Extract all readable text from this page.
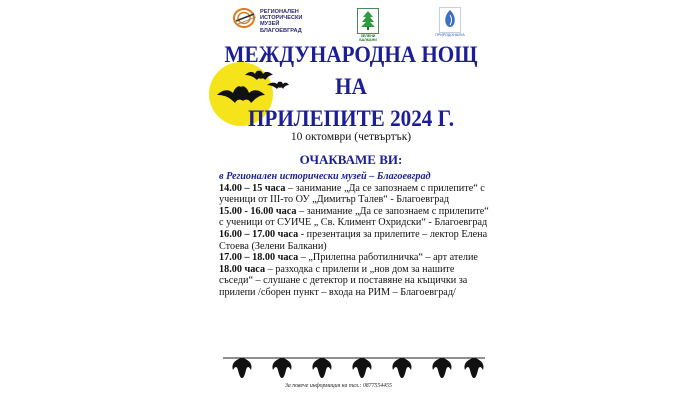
РЕГИОНАЛЕН
ИСТОРИЧЕСКИ
МУЗЕЙ
БЛАГОЕВГРАД
ЗЕЛЕНИ
БАЛКАНИ
ПРИРОДОНАУКА
МЕЖДУНАРОДНА НОЩ
НА
ПРИЛЕПИТЕ 2024 Г.
10 октомври (четвъртък)
ОЧАКВАМЕ ВИ:

в Регионален исторически музей – Благоевград

14.00 – 15 часа – занимание „Да се запознаем с прилепите“ с ученици от III-то ОУ „Димитър Талев“ - Благоевград

15.00 - 16.00 часа – занимание „Да се запознаем с прилепите“ с ученици от СУИЧЕ „ Св. Климент Охридски“ - Благоевград

16.00 – 17.00 часа - презентация за прилепите – лектор Елена Стоева (Зелени Балкани)

17.00 – 18.00 часа – „Прилепна работилничка“ – арт ателие

18.00 часа – разходка с прилепи и „нов дом за нашите съседи“ – слушане с детектор и поставяне на къщички за прилепи /сборен пункт – входа на РИМ – Благоевград/

За повече информация на тел.: 0877554455
